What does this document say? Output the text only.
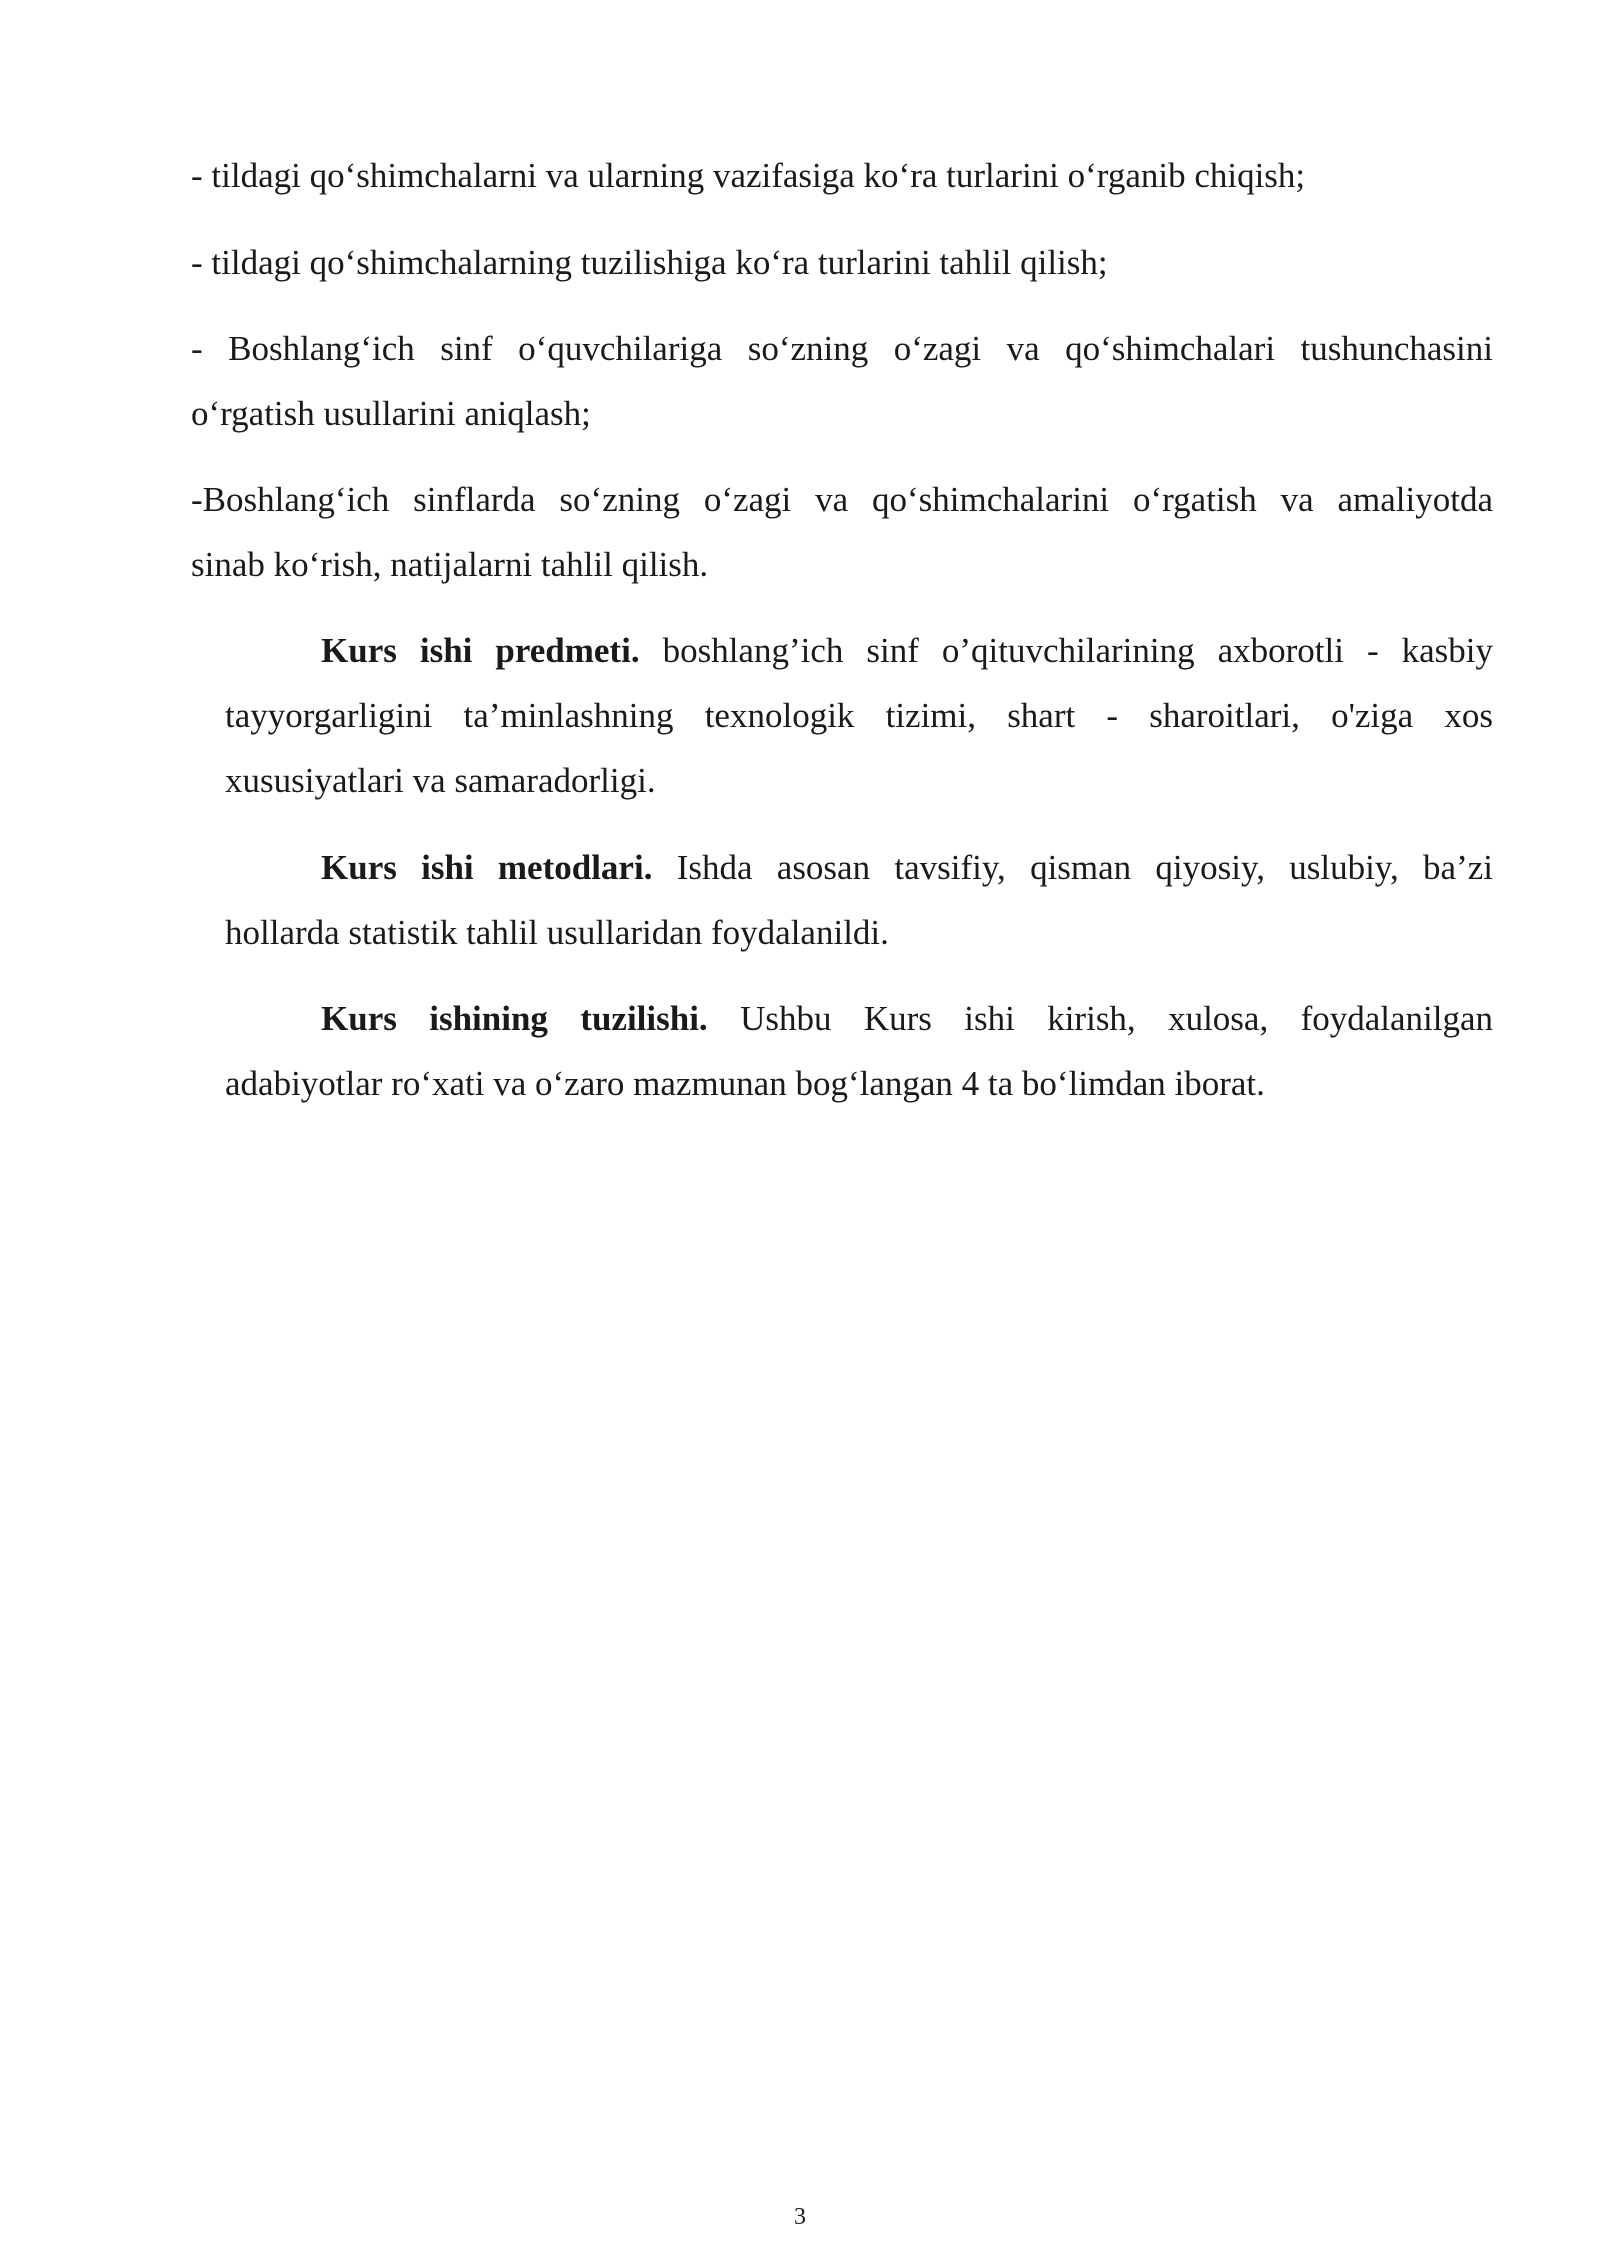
- tildagi qo‘shimchalarni va ularning vazifasiga ko‘ra turlarini o‘rganib chiqish;
- tildagi qo‘shimchalarning tuzilishiga ko‘ra turlarini tahlil qilish;
- Boshlang‘ich sinf o‘quvchilariga so‘zning o‘zagi va qo‘shimchalari tushunchasini
o‘rgatish usullarini aniqlash;
-Boshlang‘ich sinflarda so‘zning o‘zagi va qo‘shimchalarini o‘rgatish va amaliyotda
sinab ko‘rish, natijalarni tahlil qilish.
Kurs ishi predmeti. boshlang’ich sinf o’qituvchilarining axborotli - kasbiy
tayyorgarligini ta’minlashning texnologik tizimi, shart - sharoitlari, o'ziga xos
xususiyatlari va samaradorligi.
Kurs ishi metodlari. Ishda asosan tavsifiy, qisman qiyosiy, uslubiy, ba’zi
hollarda statistik tahlil usullaridan foydalanildi.
Kurs ishining tuzilishi. Ushbu Kurs ishi kirish, xulosa, foydalanilgan
adabiyotlar ro‘xati va o‘zaro mazmunan bog‘langan 4 ta bo‘limdan iborat.
3
